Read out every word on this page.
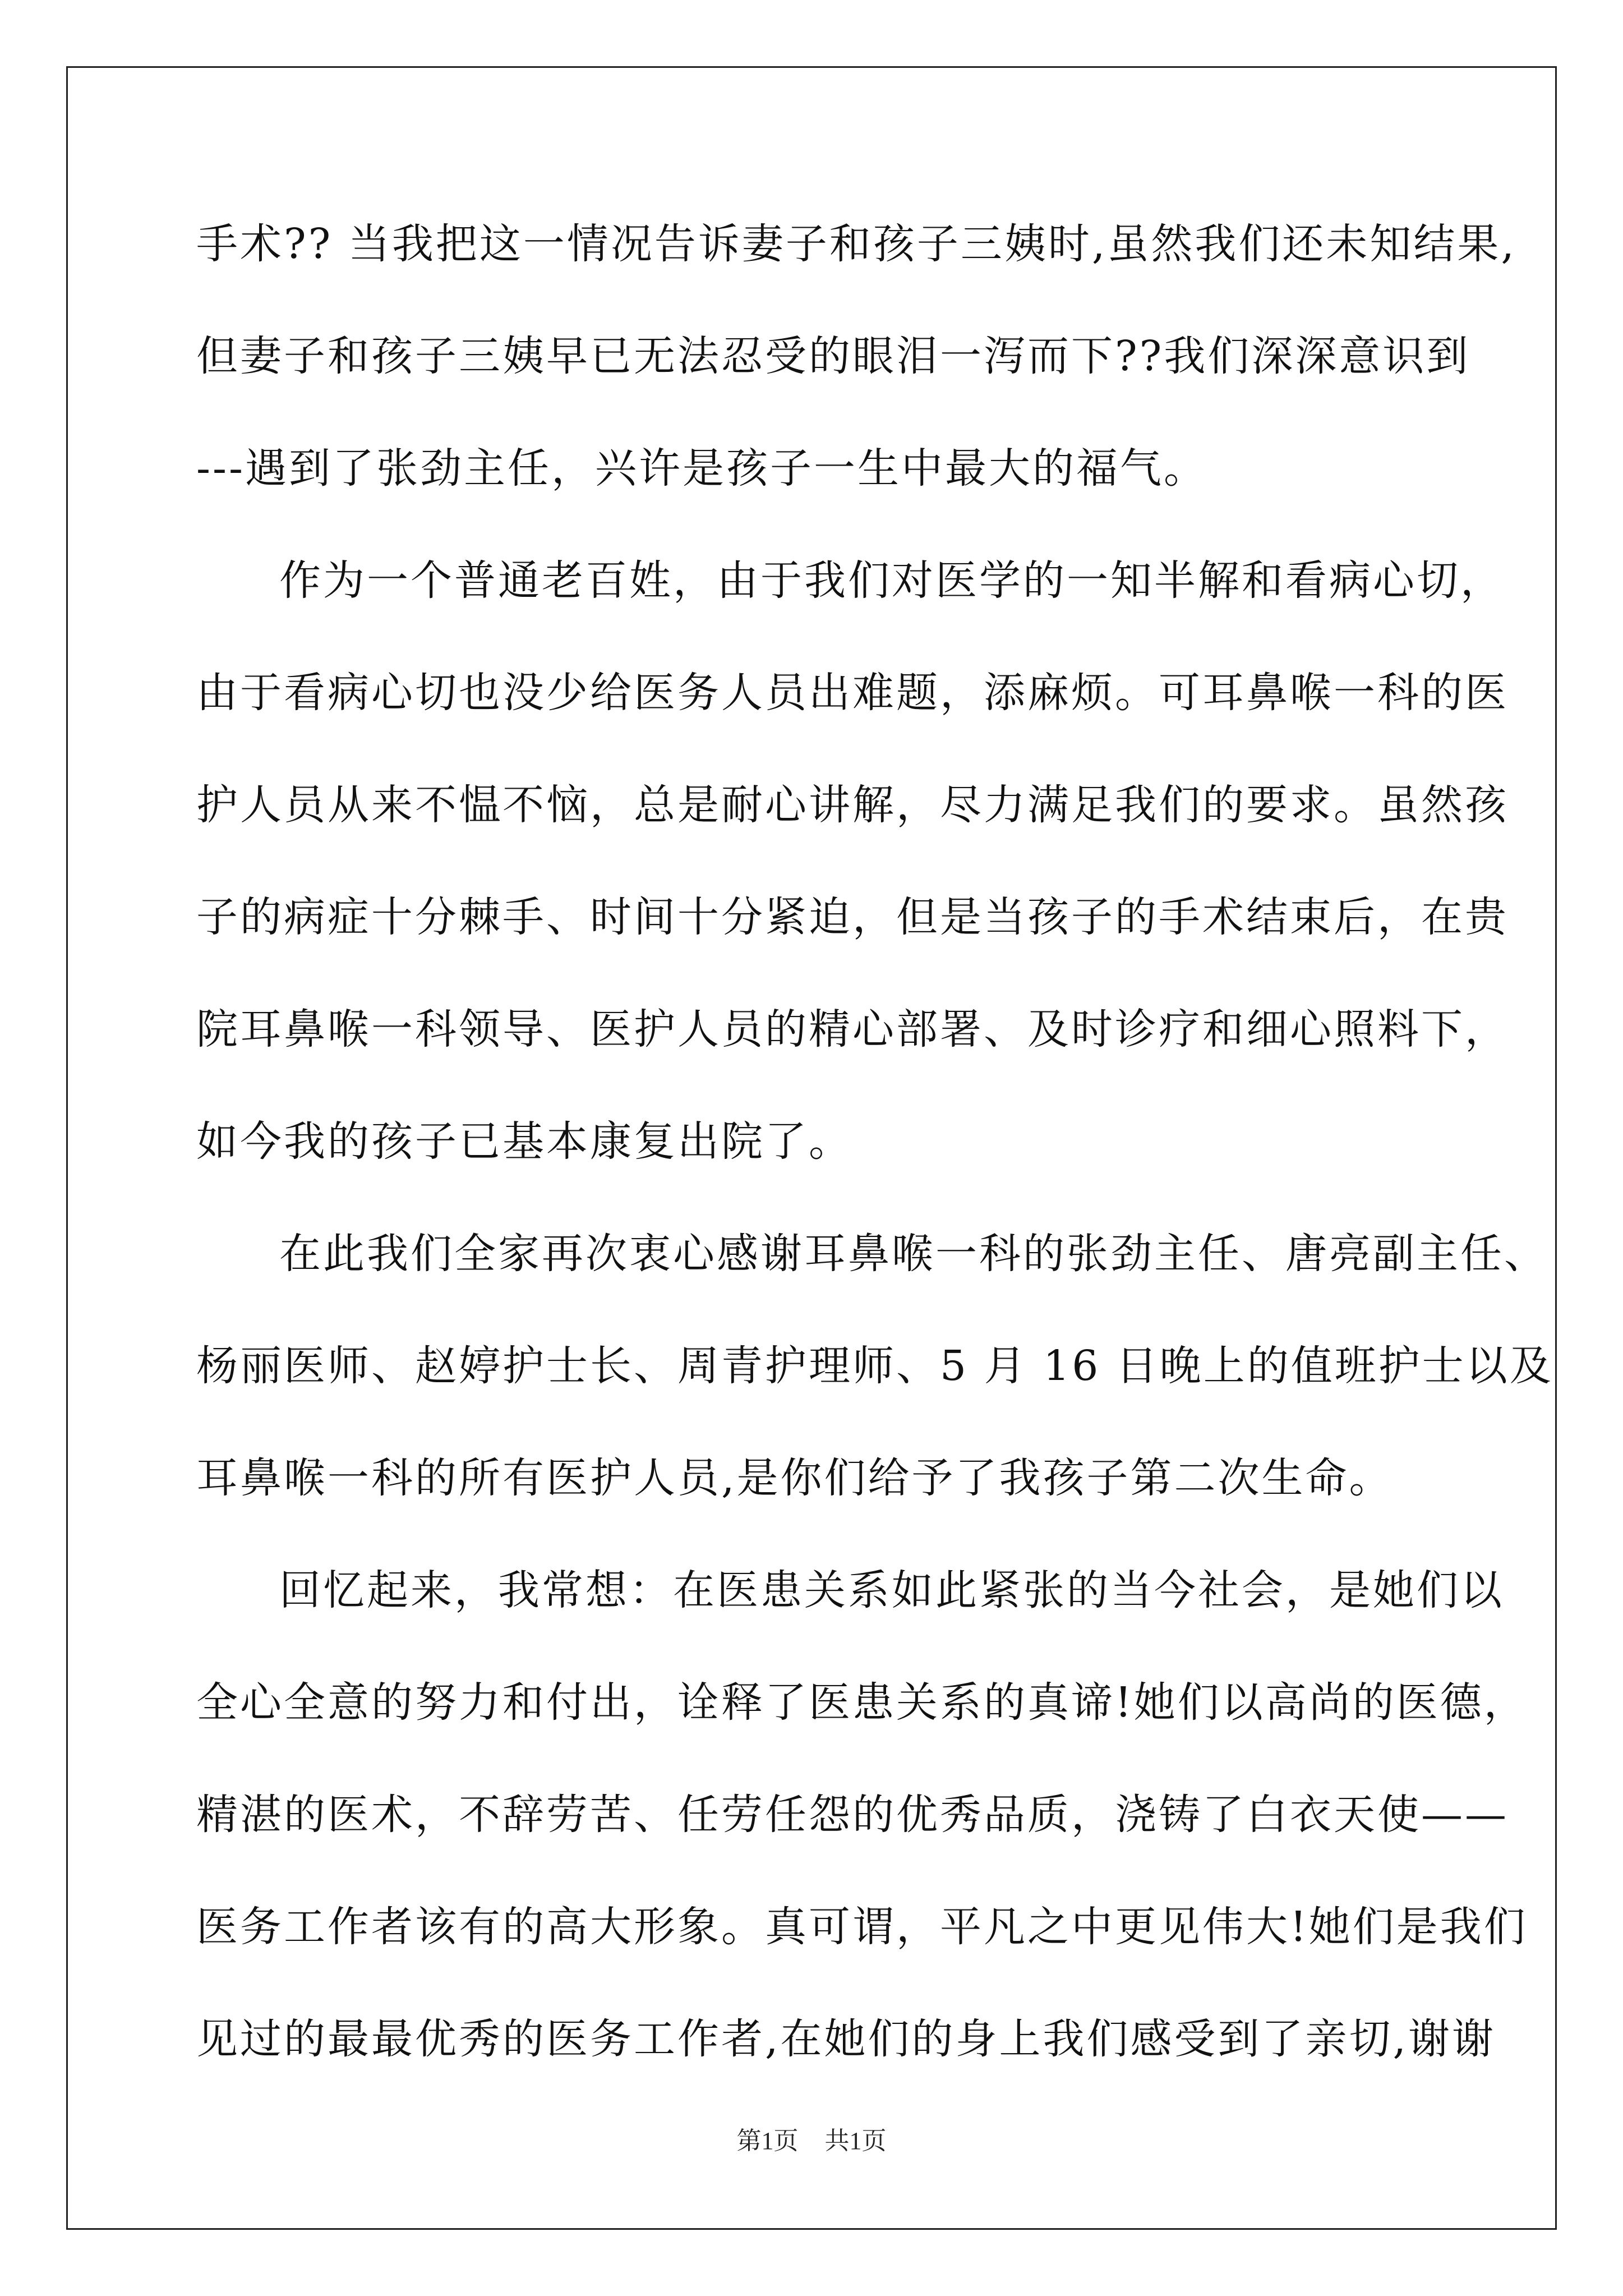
手术?? 当我把这一情况告诉妻子和孩子三姨时,虽然我们还未知结果,
但妻子和孩子三姨早已无法忍受的眼泪一泻而下??我们深深意识到
---遇到了张劲主任，兴许是孩子一生中最大的福气。
作为一个普通老百姓，由于我们对医学的一知半解和看病心切，
由于看病心切也没少给医务人员出难题，添麻烦。可耳鼻喉一科的医
护人员从来不愠不恼，总是耐心讲解，尽力满足我们的要求。虽然孩
子的病症十分棘手、时间十分紧迫，但是当孩子的手术结束后，在贵
院耳鼻喉一科领导、医护人员的精心部署、及时诊疗和细心照料下，
如今我的孩子已基本康复出院了。
在此我们全家再次衷心感谢耳鼻喉一科的张劲主任、唐亮副主任、
杨丽医师、赵婷护士长、周青护理师、5 月 16 日晚上的值班护士以及
耳鼻喉一科的所有医护人员,是你们给予了我孩子第二次生命。
回忆起来，我常想：在医患关系如此紧张的当今社会，是她们以
全心全意的努力和付出，诠释了医患关系的真谛!她们以高尚的医德，
精湛的医术，不辞劳苦、任劳任怨的优秀品质，浇铸了白衣天使——
医务工作者该有的高大形象。真可谓，平凡之中更见伟大!她们是我们
见过的最最优秀的医务工作者,在她们的身上我们感受到了亲切,谢谢
第1页 共1页
